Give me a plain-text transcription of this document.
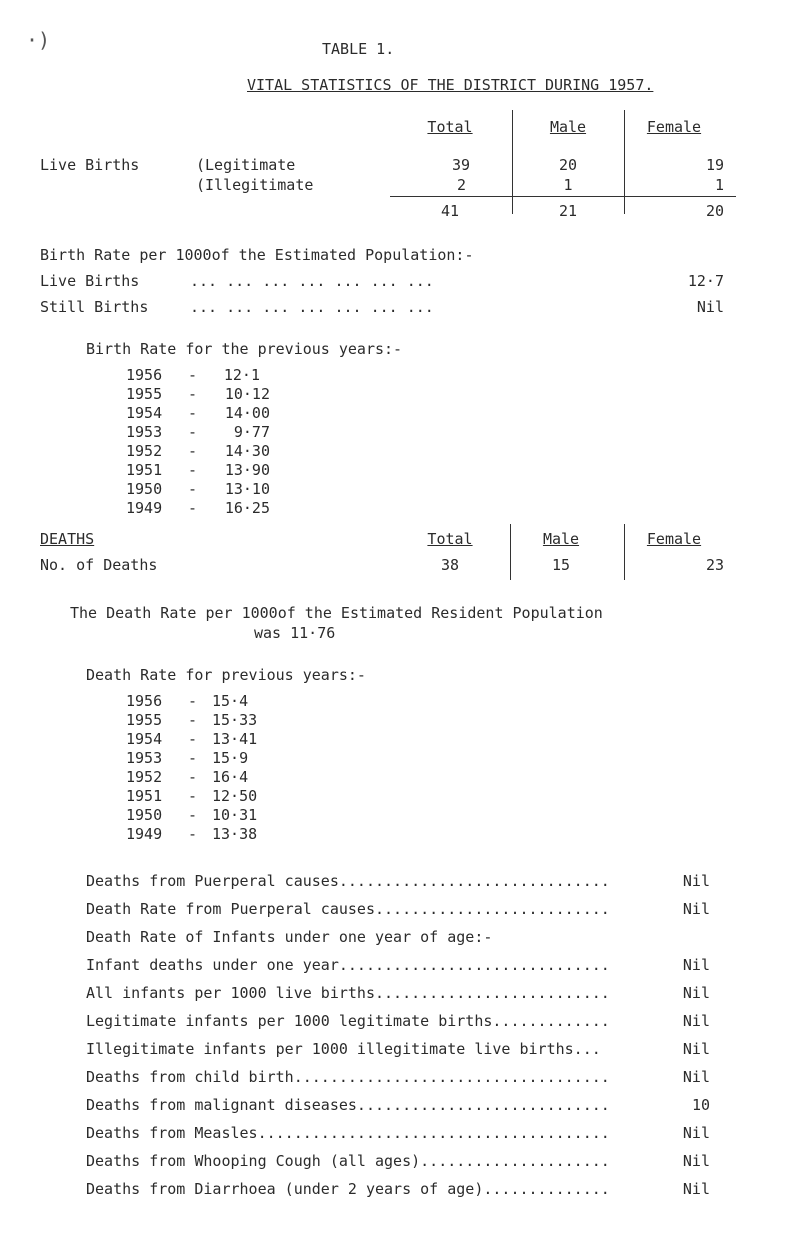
·)	TABLE 1.
VITAL STATISTICS OF THE DISTRICT DURING 1957.
Total	Male	Female
Live Births	(Legitimate	39	20	19
(Illegitimate	2	1	1
41	21	20
Birth Rate per 1000of the Estimated Population:-
Live Births	... ... ... ... ... ... ...	12·7
Still Births	... ... ... ... ... ... ...	Nil
Birth Rate for the previous years:-
1956 -	12·1
1955 -	10·12
1954 -	14·00
1953 -	9·77
1952 -	14·30
1951 -	13·90
1950 -	13·10
1949 -	16·25
DEATHS	Total	Male	Female
No. of Deaths	38	15	23
The Death Rate per 1000of the Estimated Resident Population
was 11·76
Death Rate for previous years:-
1956 - 15·4
1955 - 15·33
1954 - 13·41
1953 - 15·9
1952 - 16·4
1951 - 12·50
1950 - 10·31
1949 - 13·38
Deaths from Puerperal causes..............................	Nil
Death Rate from Puerperal causes..........................	Nil
Death Rate of Infants under one year of age:-
Infant deaths under one year..............................	Nil
All infants per 1000 live births..........................	Nil
Legitimate infants per 1000 legitimate births.............	Nil
Illegitimate infants per 1000 illegitimate live births...	Nil
Deaths from child birth...................................	Nil
Deaths from malignant diseases............................	10
Deaths from Measles.......................................	Nil
Deaths from Whooping Cough (all ages).....................	Nil
Deaths from Diarrhoea (under 2 years of age)..............	Nil
